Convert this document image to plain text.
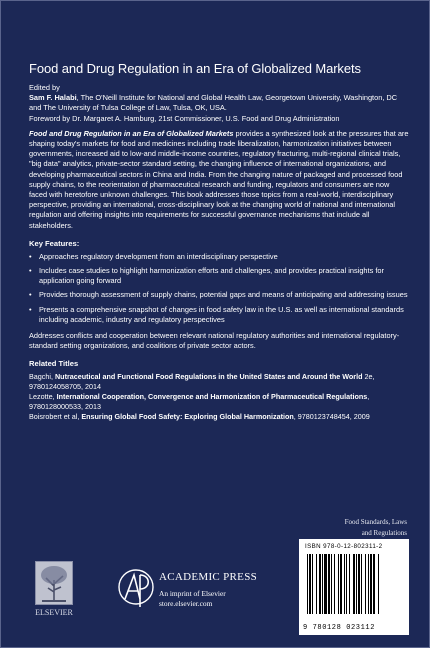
Food and Drug Regulation in an Era of Globalized Markets
Edited by
Sam F. Halabi, The O'Neill Institute for National and Global Health Law, Georgetown University, Washington, DC and The University of Tulsa College of Law, Tulsa, OK, USA.
Foreword by Dr. Margaret A. Hamburg, 21st Commissioner, U.S. Food and Drug Administration
Food and Drug Regulation in an Era of Globalized Markets provides a synthesized look at the pressures that are shaping today's markets for food and medicines including trade liberalization, harmonization initiatives between governments, increased aid to low-and middle-income countries, regulatory fracturing, multi-regional clinical trials, "big data" analytics, private-sector standard setting, the changing influence of international organizations, and developing pharmaceutical sectors in China and India. From the changing nature of packaged and processed food supply chains, to the reorientation of pharmaceutical research and funding, regulators and consumers are now faced with heretofore unknown challenges. This book addresses those topics from a real-world, interdisciplinary perspective, providing an international, cross-disciplinary look at the changing world of national and international regulation and offering insights into requirements for successful governance mechanisms that include all stakeholders.
Key Features:
• Approaches regulatory development from an interdisciplinary perspective
• Includes case studies to highlight harmonization efforts and challenges, and provides practical insights for application going forward
• Provides thorough assessment of supply chains, potential gaps and means of anticipating and addressing issues
• Presents a comprehensive snapshot of changes in food safety law in the U.S. as well as international standards including academic, industry and regulatory perspectives
Addresses conflicts and cooperation between relevant national regulatory authorities and international regulatory-standard setting organizations, and coalitions of private sector actors.
Related Titles
Bagchi, Nutraceutical and Functional Food Regulations in the United States and Around the World 2e, 9780124058705, 2014
Lezotte, International Cooperation, Convergence and Harmonization of Pharmaceutical Regulations, 9780128000533, 2013
Boisrobert et al, Ensuring Global Food Safety: Exploring Global Harmonization, 9780123748454, 2009
Food Standards, Laws
and Regulations
ELSEVIER
ACADEMIC PRESS
An imprint of Elsevier
store.elsevier.com
ISBN 978-0-12-802311-2
9 780128 023112
